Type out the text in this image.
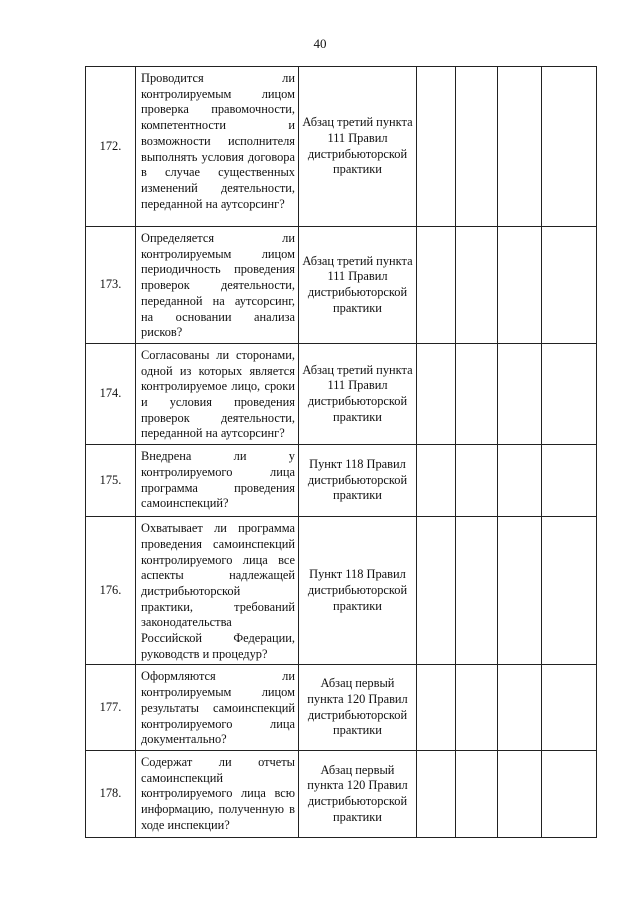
40
172.	Проводится ли контролируемым лицом проверка правомочности, компетентности и возможности исполнителя выполнять условия договора в случае существенных изменений деятельности, переданной на аутсорсинг?	Абзац третий пункта 111 Правил дистрибьюторской практики				
173.	Определяется ли контролируемым лицом периодичность проведения проверок деятельности, переданной на аутсорсинг, на основании анализа рисков?	Абзац третий пункта 111 Правил дистрибьюторской практики				
174.	Согласованы ли сторонами, одной из которых является контролируемое лицо, сроки и условия проведения проверок деятельности, переданной на аутсорсинг?	Абзац третий пункта 111 Правил дистрибьюторской практики				
175.	Внедрена ли у контролируемого лица программа проведения самоинспекций?	Пункт 118 Правил дистрибьюторской практики				
176.	Охватывает ли программа проведения самоинспекций контролируемого лица все аспекты надлежащей дистрибьюторской практики, требований законодательства Российской Федерации, руководств и процедур?	Пункт 118 Правил дистрибьюторской практики				
177.	Оформляются ли контролируемым лицом результаты самоинспекций контролируемого лица документально?	Абзац первый пункта 120 Правил дистрибьюторской практики				
178.	Содержат ли отчеты самоинспекций контролируемого лица всю информацию, полученную в ходе инспекции?	Абзац первый пункта 120 Правил дистрибьюторской практики				
